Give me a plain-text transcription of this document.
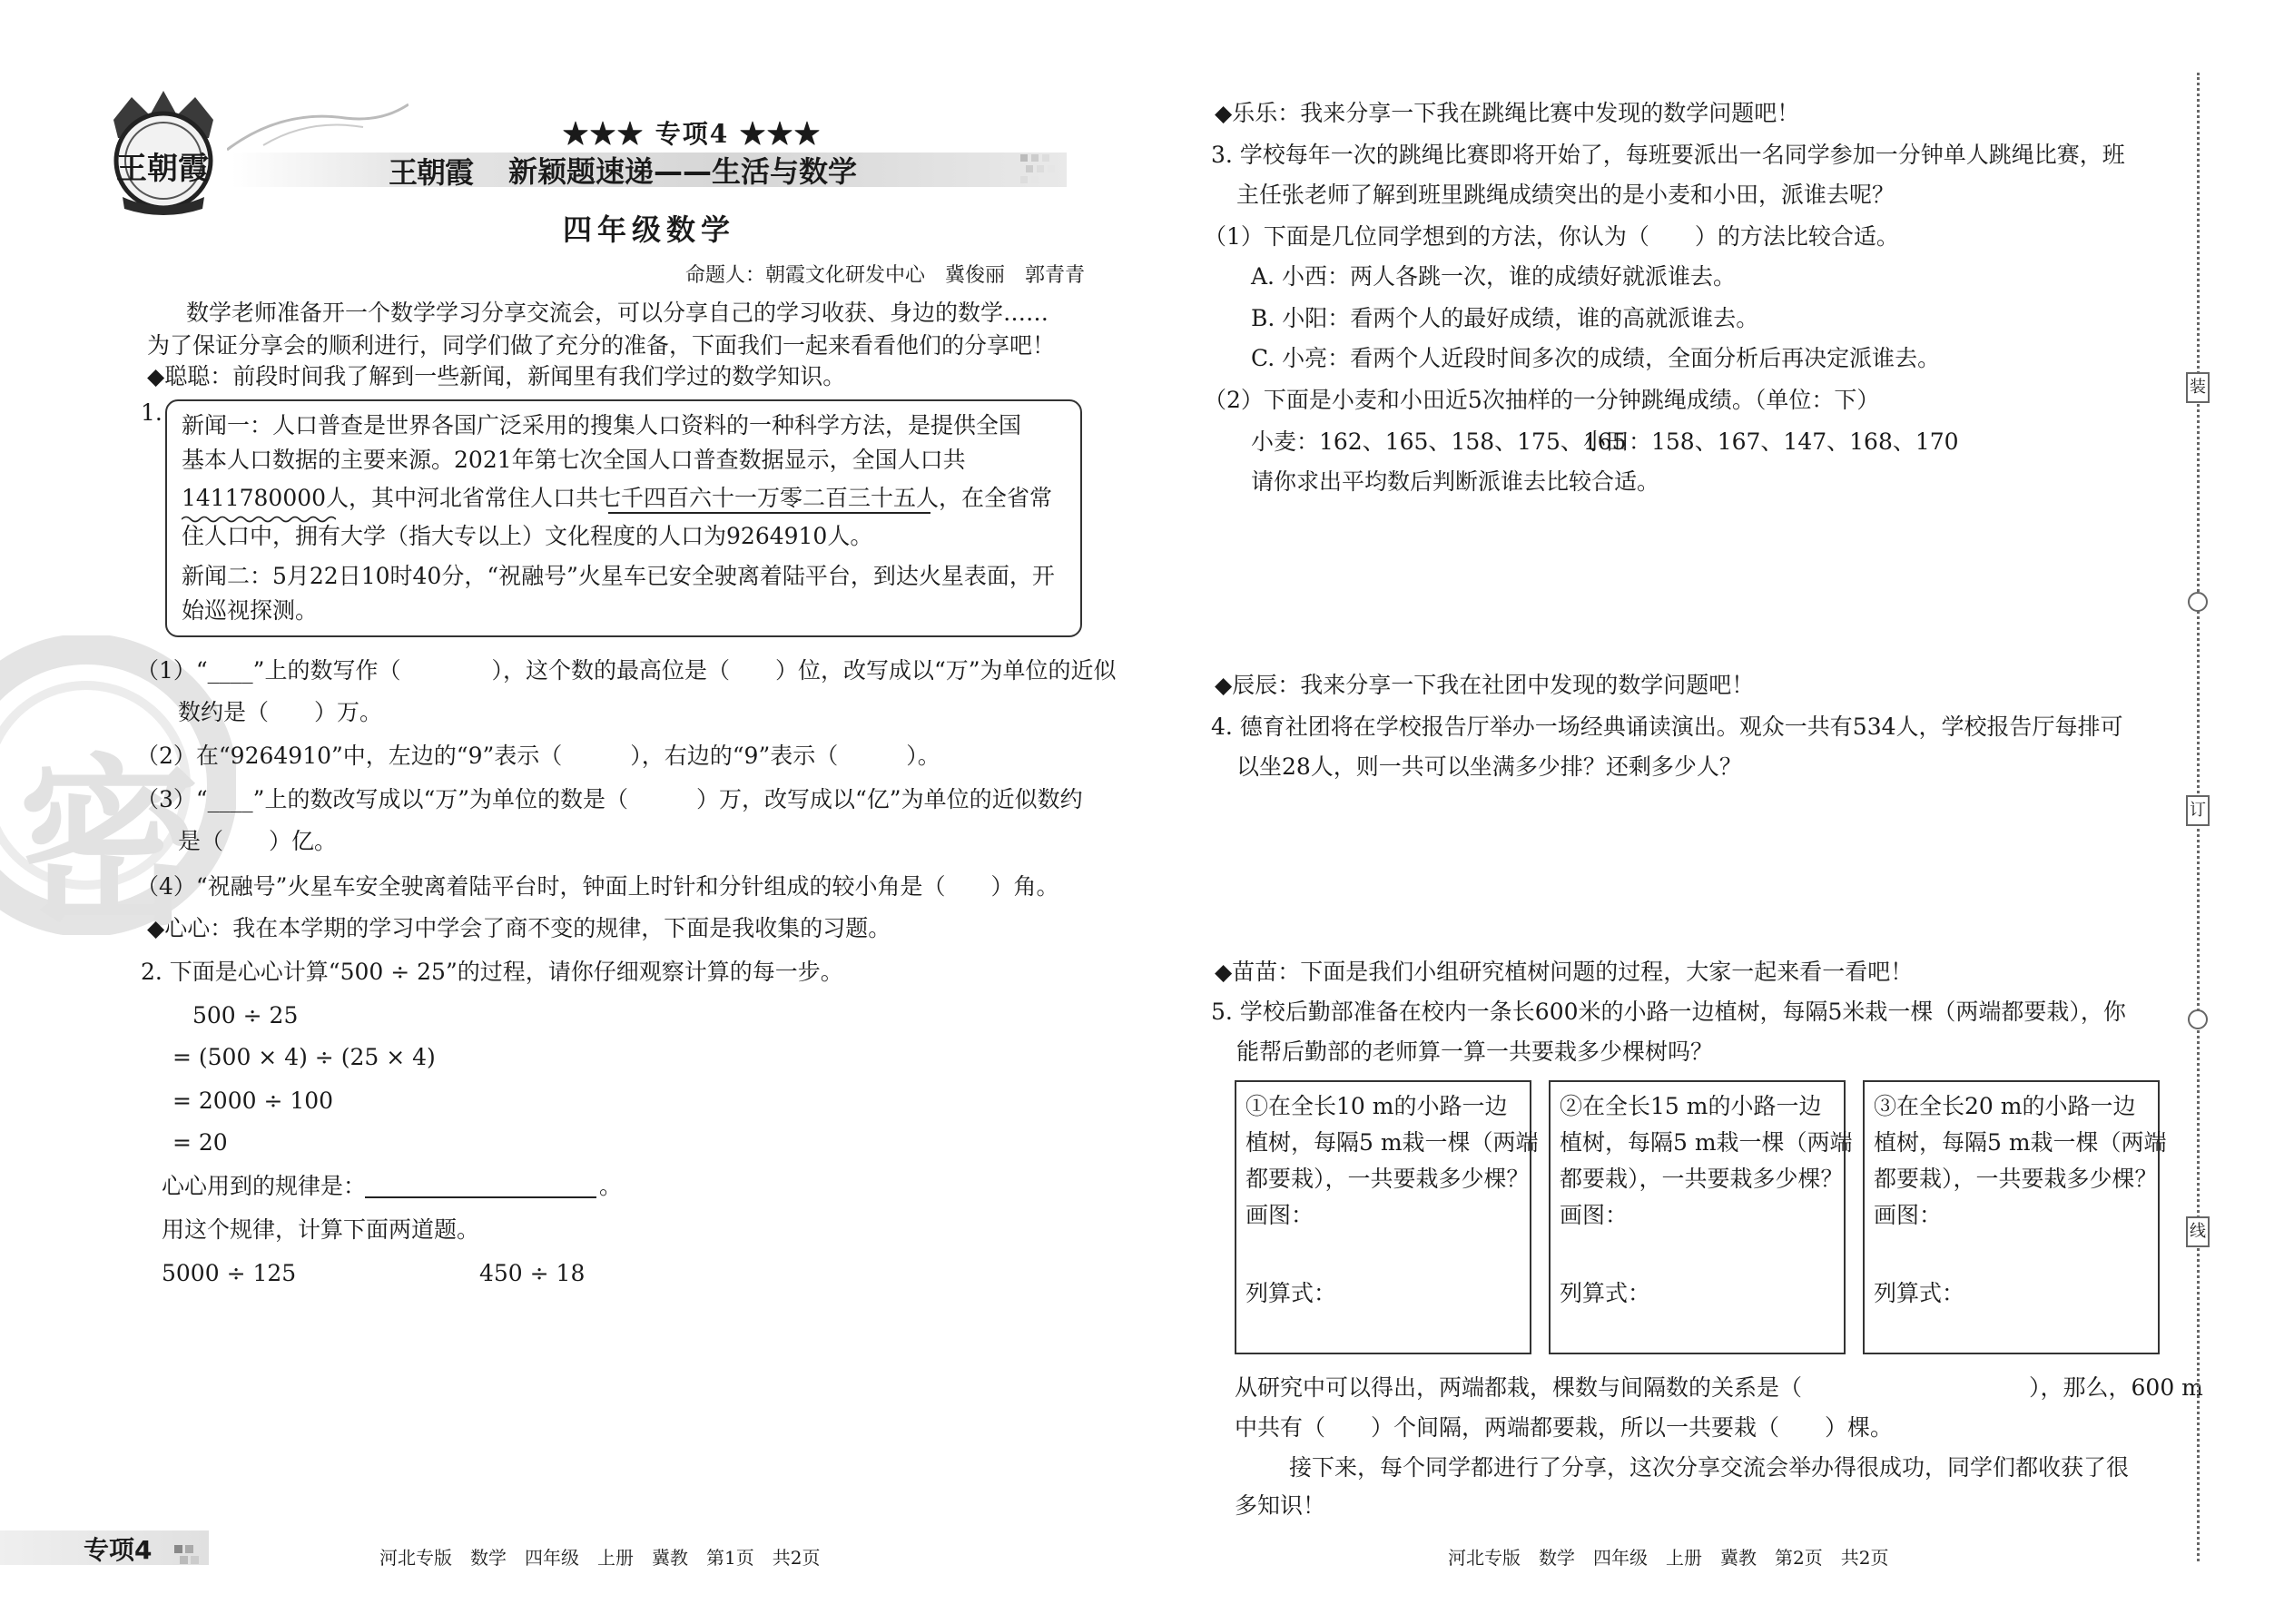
王朝霞
★★★ 专项4 ★★★
王朝霞 新颖题速递——生活与数学
四年级数学
命题人：朝霞文化研发中心　冀俊丽　郭青青
密
数学老师准备开一个数学学习分享交流会，可以分享自己的学习收获、身边的数学……
为了保证分享会的顺利进行，同学们做了充分的准备，下面我们一起来看看他们的分享吧！
◆聪聪：前段时间我了解到一些新闻，新闻里有我们学过的数学知识。
1. 新闻一：人口普查是世界各国广泛采用的搜集人口资料的一种科学方法，是提供全国
基本人口数据的主要来源。2021年第七次全国人口普查数据显示，全国人口共
1411780000人，其中河北省常住人口共七千四百六十一万零二百三十五人，在全省常
住人口中，拥有大学（指大专以上）文化程度的人口为9264910人。
新闻二：5月22日10时40分，“祝融号”火星车已安全驶离着陆平台，到达火星表面，开
始巡视探测。
（1）“____”上的数写作（　　　　），这个数的最高位是（　　）位，改写成以“万”为单位的近似
数约是（　　）万。
（2）在“9264910”中，左边的“9”表示（　　　），右边的“9”表示（　　　）。
（3）“____”上的数改写成以“万”为单位的数是（　　　）万，改写成以“亿”为单位的近似数约
是（　　）亿。
（4）“祝融号”火星车安全驶离着陆平台时，钟面上时针和分针组成的较小角是（　　）角。
◆心心：我在本学期的学习中学会了商不变的规律，下面是我收集的习题。
2. 下面是心心计算“500 ÷ 25”的过程，请你仔细观察计算的每一步。
500 ÷ 25
= (500 × 4) ÷ (25 × 4)
= 2000 ÷ 100
= 20
心心用到的规律是：	。
用这个规律，计算下面两道题。
5000 ÷ 125	450 ÷ 18
专项4	河北专版　数学　四年级　上册　冀教　第1页　共2页
◆乐乐：我来分享一下我在跳绳比赛中发现的数学问题吧！
3. 学校每年一次的跳绳比赛即将开始了，每班要派出一名同学参加一分钟单人跳绳比赛，班
主任张老师了解到班里跳绳成绩突出的是小麦和小田，派谁去呢？
（1）下面是几位同学想到的方法，你认为（　　）的方法比较合适。
A. 小西：两人各跳一次，谁的成绩好就派谁去。
B. 小阳：看两个人的最好成绩，谁的高就派谁去。
C. 小亮：看两个人近段时间多次的成绩，全面分析后再决定派谁去。
（2）下面是小麦和小田近5次抽样的一分钟跳绳成绩。（单位：下）
小麦：162、165、158、175、165
小田：158、167、147、168、170
请你求出平均数后判断派谁去比较合适。
◆辰辰：我来分享一下我在社团中发现的数学问题吧！
4. 德育社团将在学校报告厅举办一场经典诵读演出。观众一共有534人，学校报告厅每排可
以坐28人，则一共可以坐满多少排？还剩多少人？
◆苗苗：下面是我们小组研究植树问题的过程，大家一起来看一看吧！
5. 学校后勤部准备在校内一条长600米的小路一边植树，每隔5米栽一棵（两端都要栽），你
能帮后勤部的老师算一算一共要栽多少棵树吗？
①在全长10 m的小路一边
植树，每隔5 m栽一棵（两端
都要栽），一共要栽多少棵？
画图：
列算式：
②在全长15 m的小路一边
植树，每隔5 m栽一棵（两端
都要栽），一共要栽多少棵？
画图：
列算式：
③在全长20 m的小路一边
植树，每隔5 m栽一棵（两端
都要栽），一共要栽多少棵？
画图：
列算式：
从研究中可以得出，两端都栽，棵数与间隔数的关系是（　　　　　　　　　　），那么，600 m
中共有（　　）个间隔，两端都要栽，所以一共要栽（　　）棵。
接下来，每个同学都进行了分享，这次分享交流会举办得很成功，同学们都收获了很
多知识！
河北专版　数学　四年级　上册　冀教　第2页　共2页
装
订
线
